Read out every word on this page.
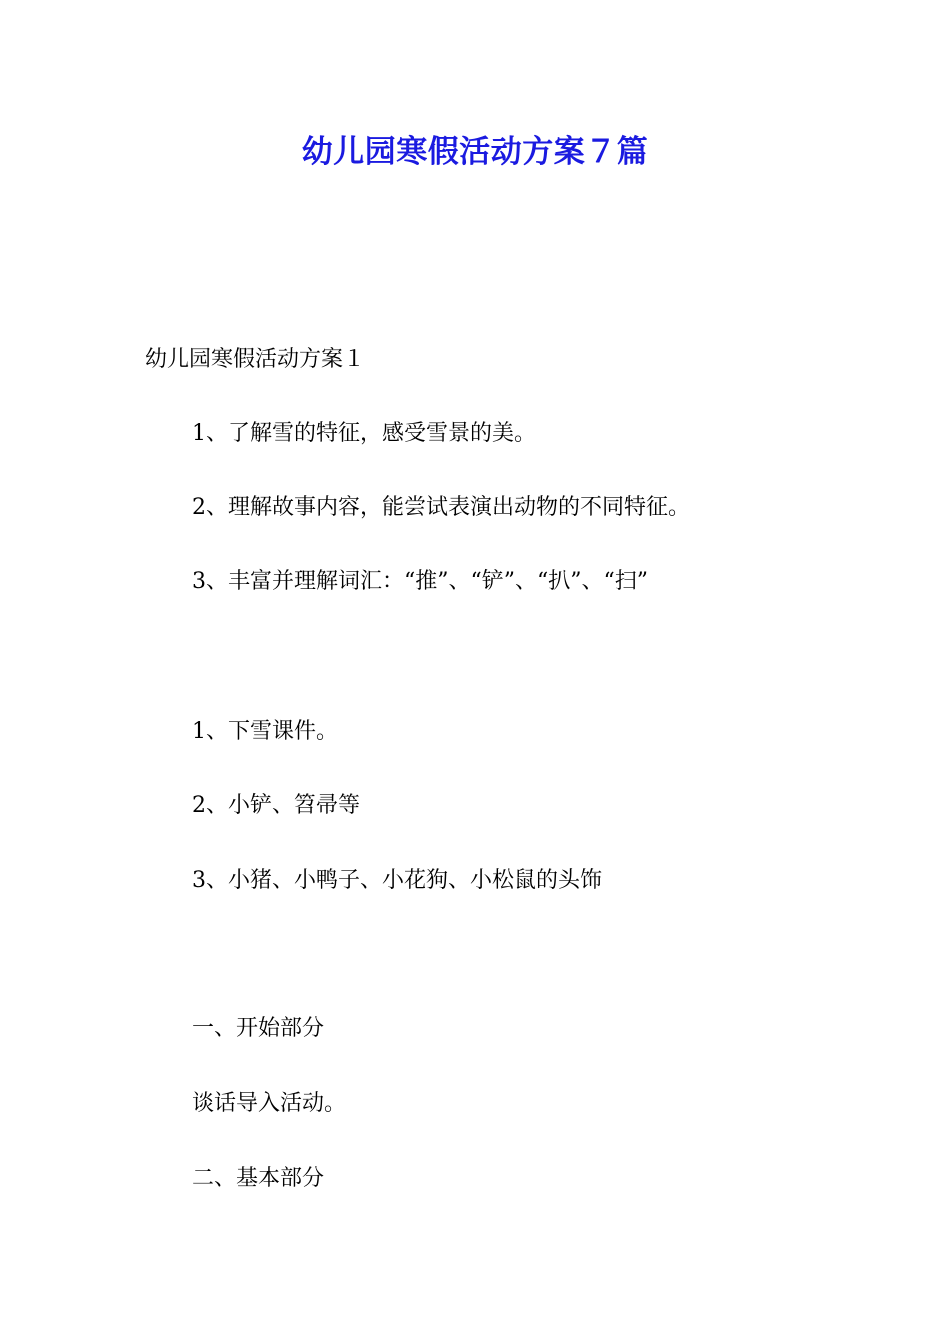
幼儿园寒假活动方案７篇
幼儿园寒假活动方案１
1、了解雪的特征，感受雪景的美。
2、理解故事内容，能尝试表演出动物的不同特征。
3、丰富并理解词汇：“推”、“铲”、“扒”、“扫”
1、下雪课件。
2、小铲、笤帚等
3、小猪、小鸭子、小花狗、小松鼠的头饰
一、开始部分
谈话导入活动。
二、基本部分
